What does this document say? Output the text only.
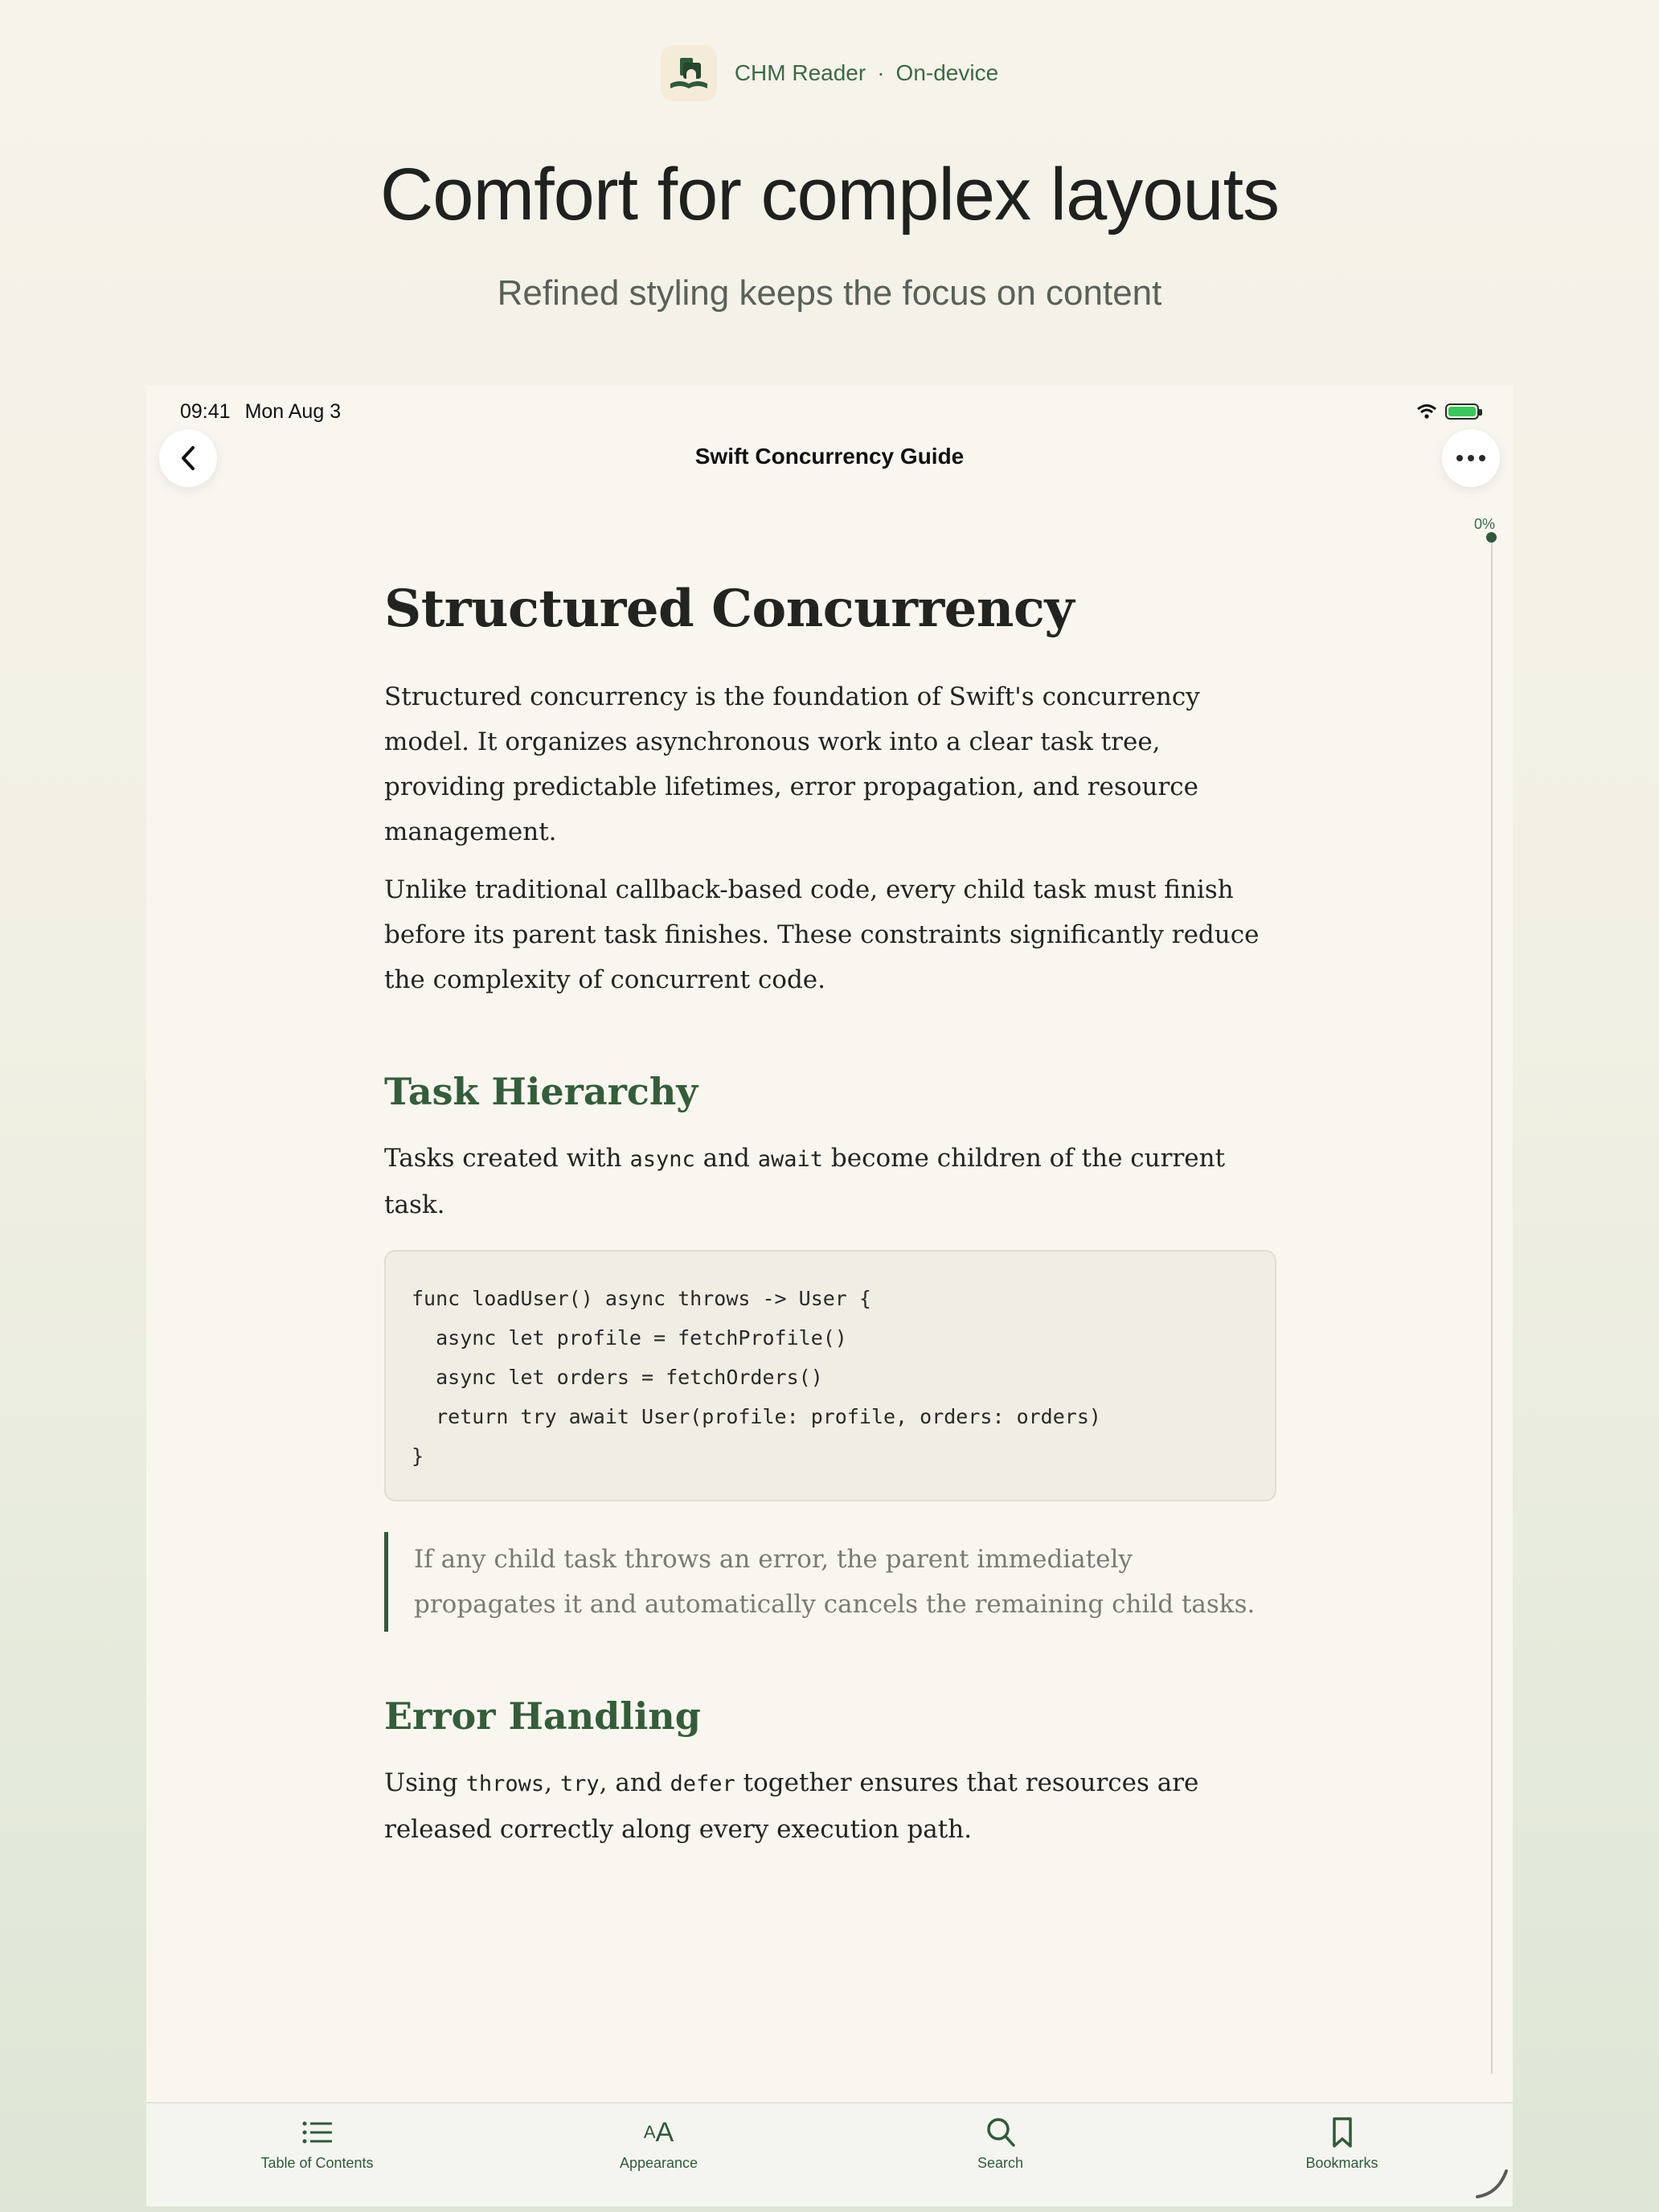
CHM Reader · On-device
Comfort for complex layouts
Refined styling keeps the focus on content
09:41 Mon Aug 3
Swift Concurrency Guide
0%
Structured Concurrency

Structured concurrency is the foundation of Swift's concurrency model. It organizes asynchronous work into a clear task tree, providing predictable lifetimes, error propagation, and resource management.

Unlike traditional callback-based code, every child task must finish before its parent task finishes. These constraints significantly reduce the complexity of concurrent code.

Task Hierarchy

Tasks created with async and await become children of the current task.

func loadUser() async throws -> User {
async let profile = fetchProfile()
async let orders = fetchOrders()
return try await User(profile: profile, orders: orders)
}

If any child task throws an error, the parent immediately propagates it and automatically cancels the remaining child tasks.

Error Handling

Using throws, try, and defer together ensures that resources are released correctly along every execution path.

Table of Contents
A A
Appearance	Search	Bookmarks
